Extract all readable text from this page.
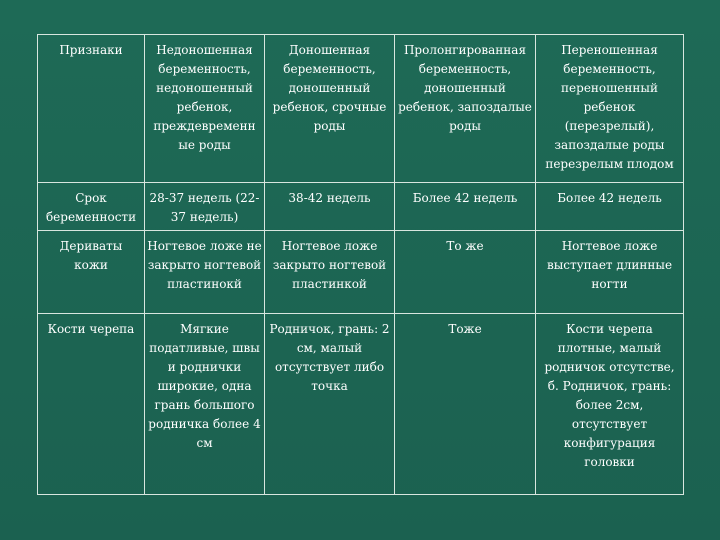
Признаки	Недоношенная беременность, недоношенный ребенок, преждевременн ые роды	Доношенная беременность, доношенный ребенок, срочные роды	Пролонгированная беременность, доношенный ребенок, запоздалые роды	Переношенная беременность, переношенный ребенок (перезрелый), запоздалые роды перезрелым плодом

Срок беременности	28-37 недель (22-37 недель)	38-42 недель	Более 42 недель	Более 42 недель

Дериваты кожи	Ногтевое ложе не закрыто ногтевой пластинокй	Ногтевое ложе закрыто ногтевой пластинкой	То же	Ногтевое ложе выступает длинные ногти

Кости черепа	Мягкие податливые, швы и роднички широкие, одна грань большого родничка более 4 см	Родничок, грань: 2 см, малый отсутствует либо точка	Тоже	Кости черепа плотные, малый родничок отсутстве, б. Родничок, грань: более 2см, отсутствует конфигурация головки
